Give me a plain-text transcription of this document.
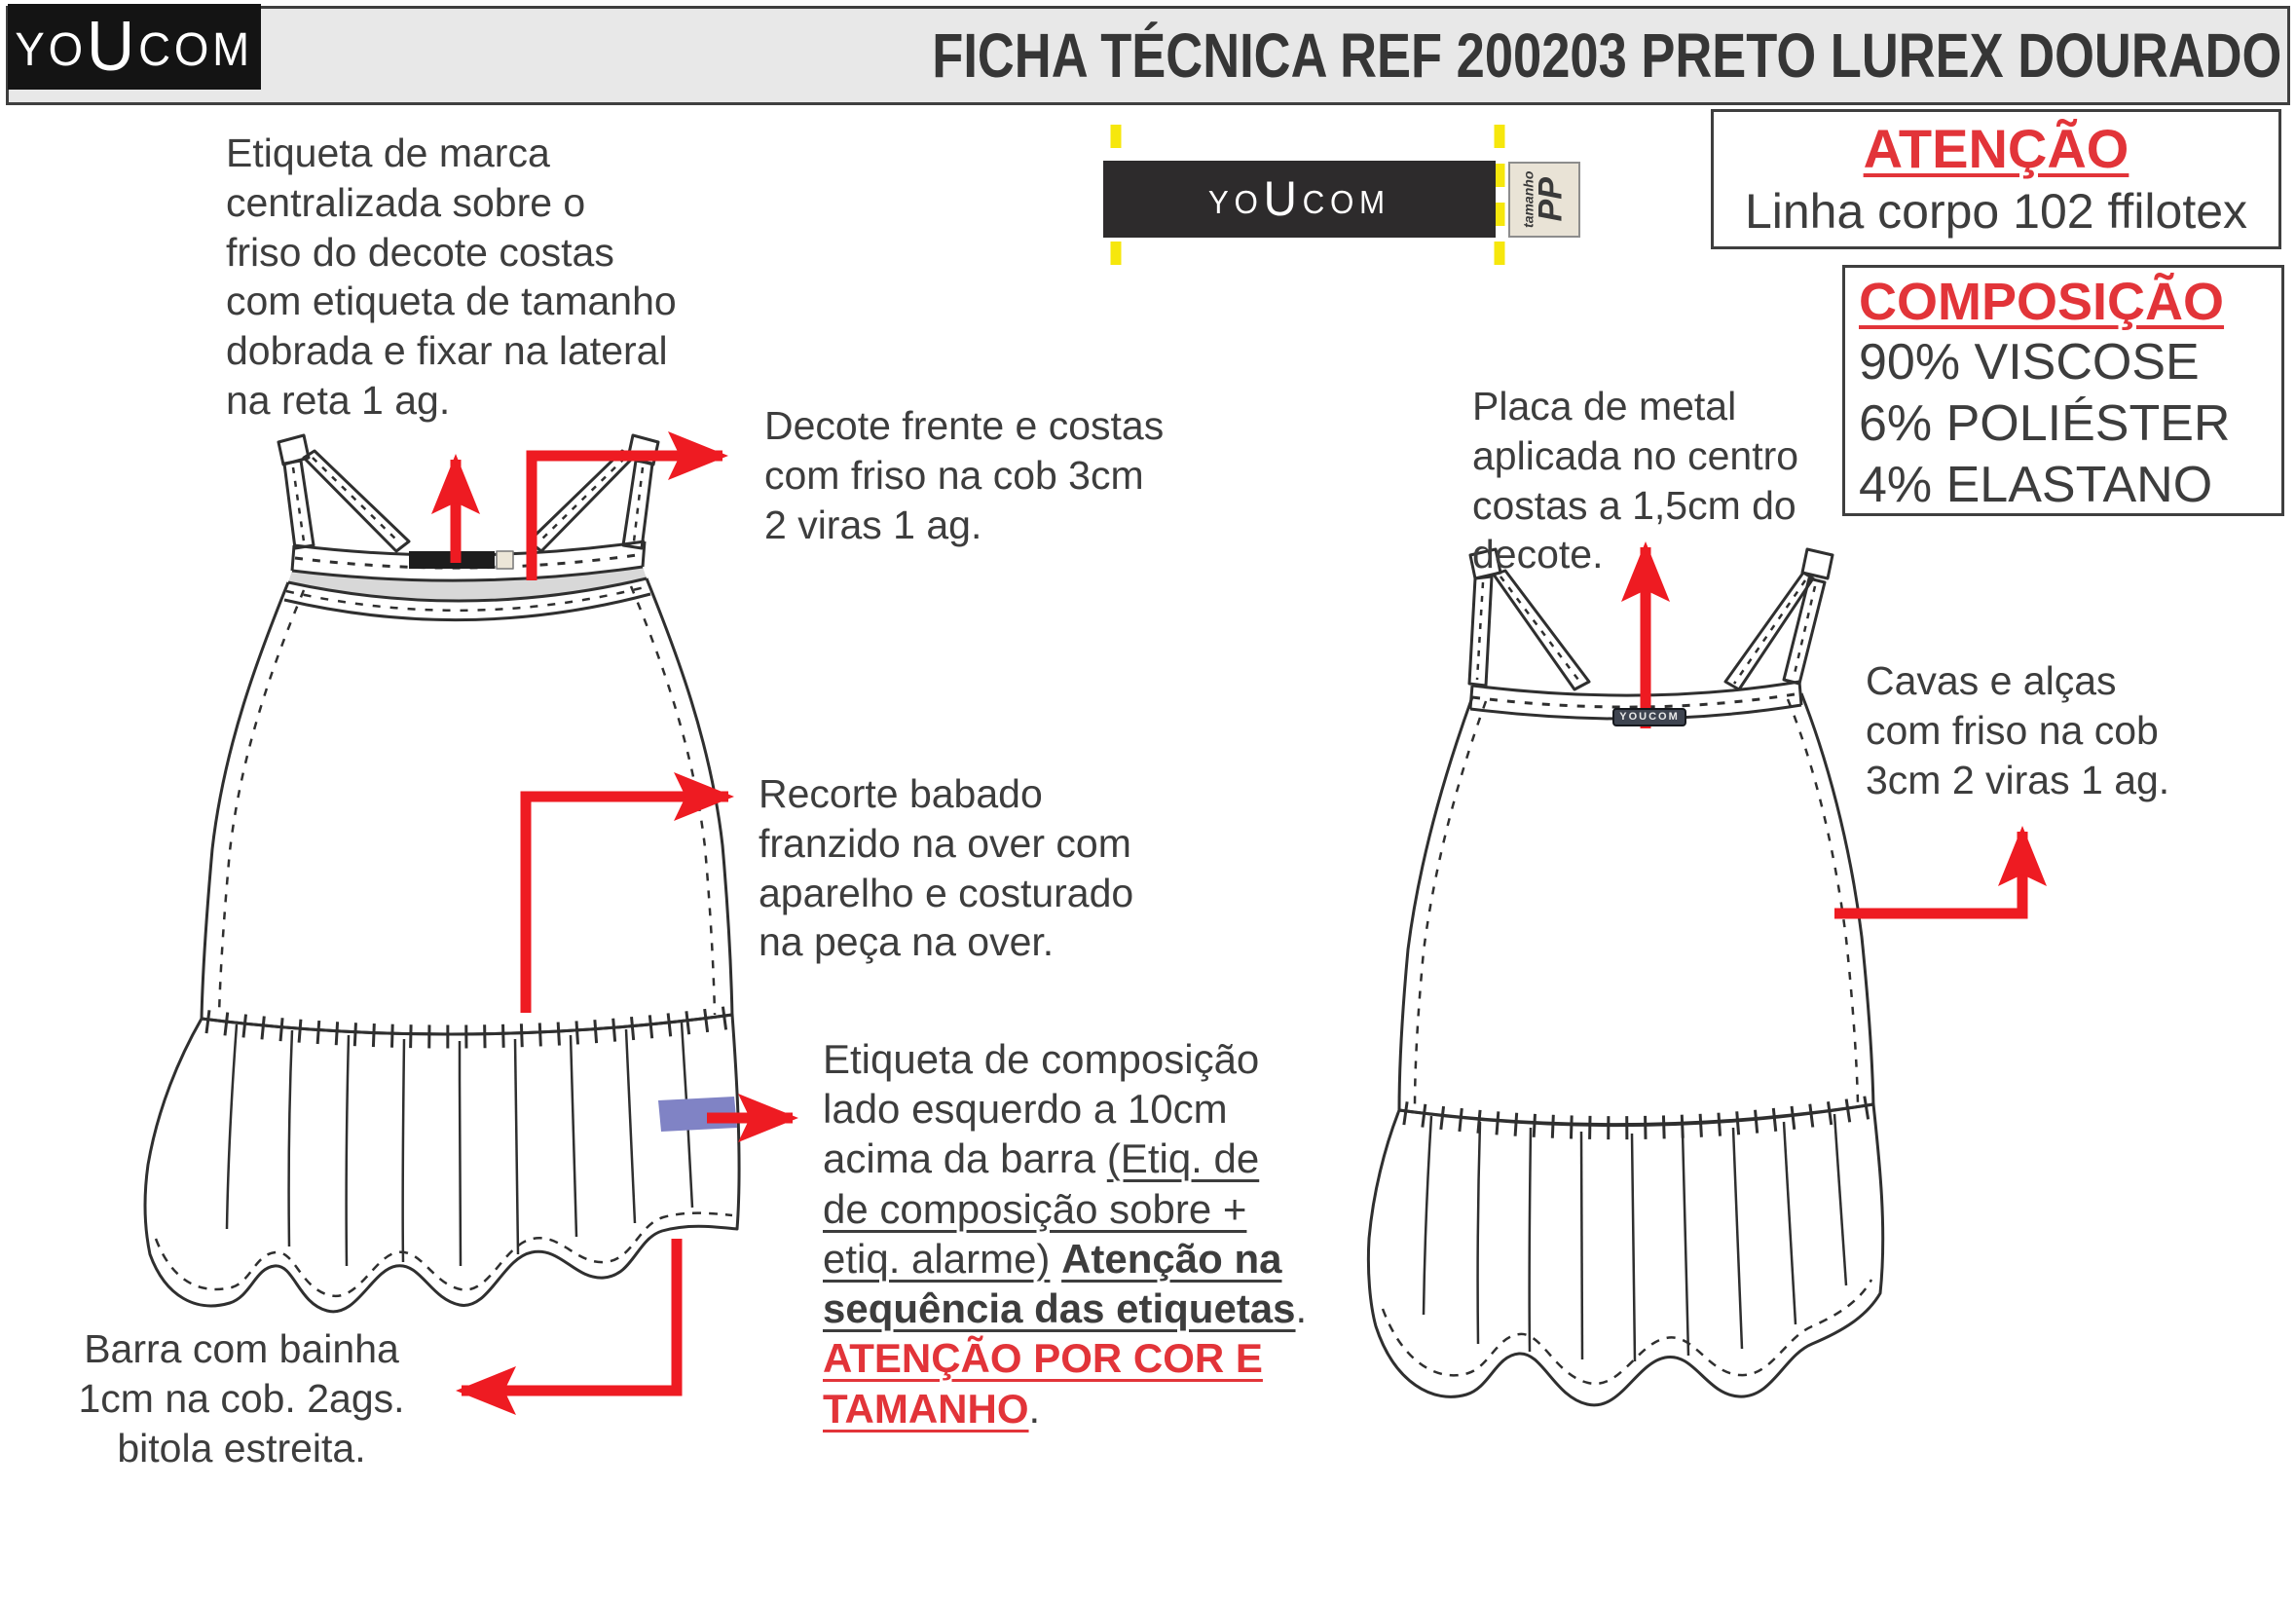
FICHA TÉCNICA REF 200203 PRETO LUREX DOURADO
YO U COM
YO U COM	tamanho
PP
YOUCOM
ATENÇÃO
Linha corpo 102 ffilotex
COMPOSIÇÃO
90% VISCOSE
6% POLIÉSTER
4% ELASTANO
Etiqueta de marca
centralizada sobre o
friso do decote costas
com etiqueta de tamanho
dobrada e fixar na lateral
na reta 1 ag.
Decote frente e costas
com friso na cob 3cm
2 viras 1 ag.
Placa de metal
aplicada no centro
costas a 1,5cm do
decote.
Cavas e alças
com friso na cob
3cm 2 viras 1 ag.
Recorte babado
franzido na over com
aparelho e costurado
na peça na over.
Etiqueta de composição
lado esquerdo a 10cm
acima da barra (Etiq. de
de composição sobre +
etiq. alarme) Atenção na
sequência das etiquetas.
ATENÇÃO POR COR E
TAMANHO.
Barra com bainha
1cm na cob. 2ags.
bitola estreita.
